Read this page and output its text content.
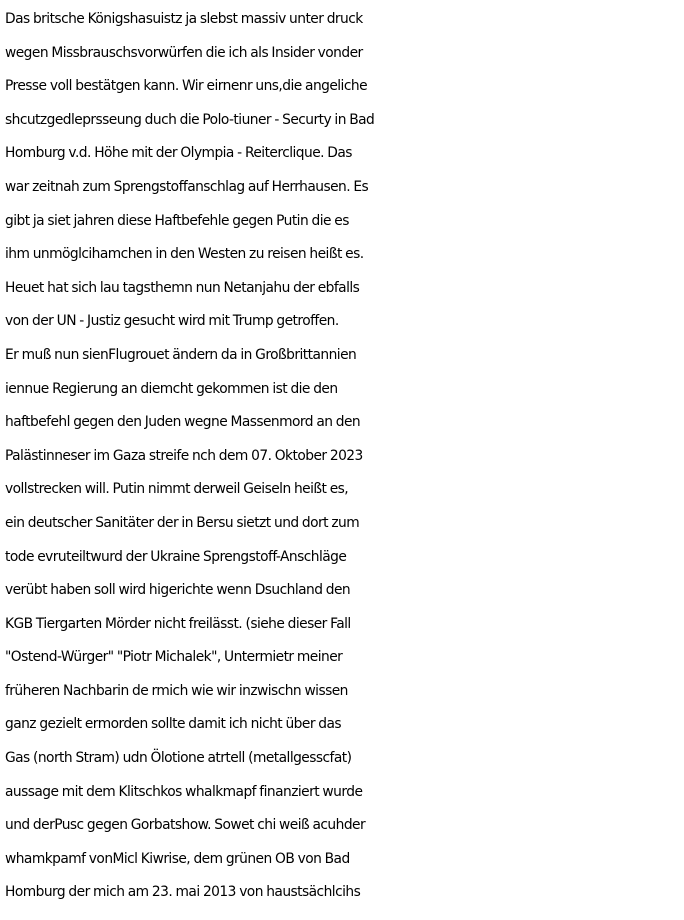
Das britsche Königshasuistz ja slebst massiv unter druck
wegen Missbrauschsvorwürfen die ich als Insider vonder
Presse voll bestätgen kann. Wir eirnenr uns,die angeliche
shcutzgedleprsseung duch die Polo-tiuner - Securty in Bad
Homburg v.d. Höhe mit der Olympia - Reiterclique. Das
war zeitnah zum Sprengstoffanschlag auf Herrhausen. Es
gibt ja siet jahren diese Haftbefehle gegen Putin die es
ihm unmöglcihamchen in den Westen zu reisen heißt es.
Heuet hat sich lau tagsthemn nun Netanjahu der ebfalls
von der UN - Justiz gesucht wird mit Trump getroffen.
Er muß nun sienFlugrouet ändern da in Großbrittannien
iennue Regierung an diemcht gekommen ist die den
haftbefehl gegen den Juden wegne Massenmord an den
Palästinneser im Gaza streife nch dem 07. Oktober 2023
vollstrecken will. Putin nimmt derweil Geiseln heißt es,
ein deutscher Sanitäter der in Bersu sietzt und dort zum
tode evruteiltwurd der Ukraine Sprengstoff-Anschläge
verübt haben soll wird higerichte wenn Dsuchland den
KGB Tiergarten Mörder nicht freilässt. (siehe dieser Fall
"Ostend-Würger" "Piotr Michalek", Untermietr meiner
früheren Nachbarin de rmich wie wir inzwischn wissen
ganz gezielt ermorden sollte damit ich nicht über das
Gas (north Stram) udn Ölotione atrtell (metallgesscfat)
aussage mit dem Klitschkos whalkmapf finanziert wurde
und derPusc gegen Gorbatshow. Sowet chi weiß acuhder
whamkpamf vonMicl Kiwrise, dem grünen OB von Bad
Homburg der mich am 23. mai 2013 von haustsächlcihs
